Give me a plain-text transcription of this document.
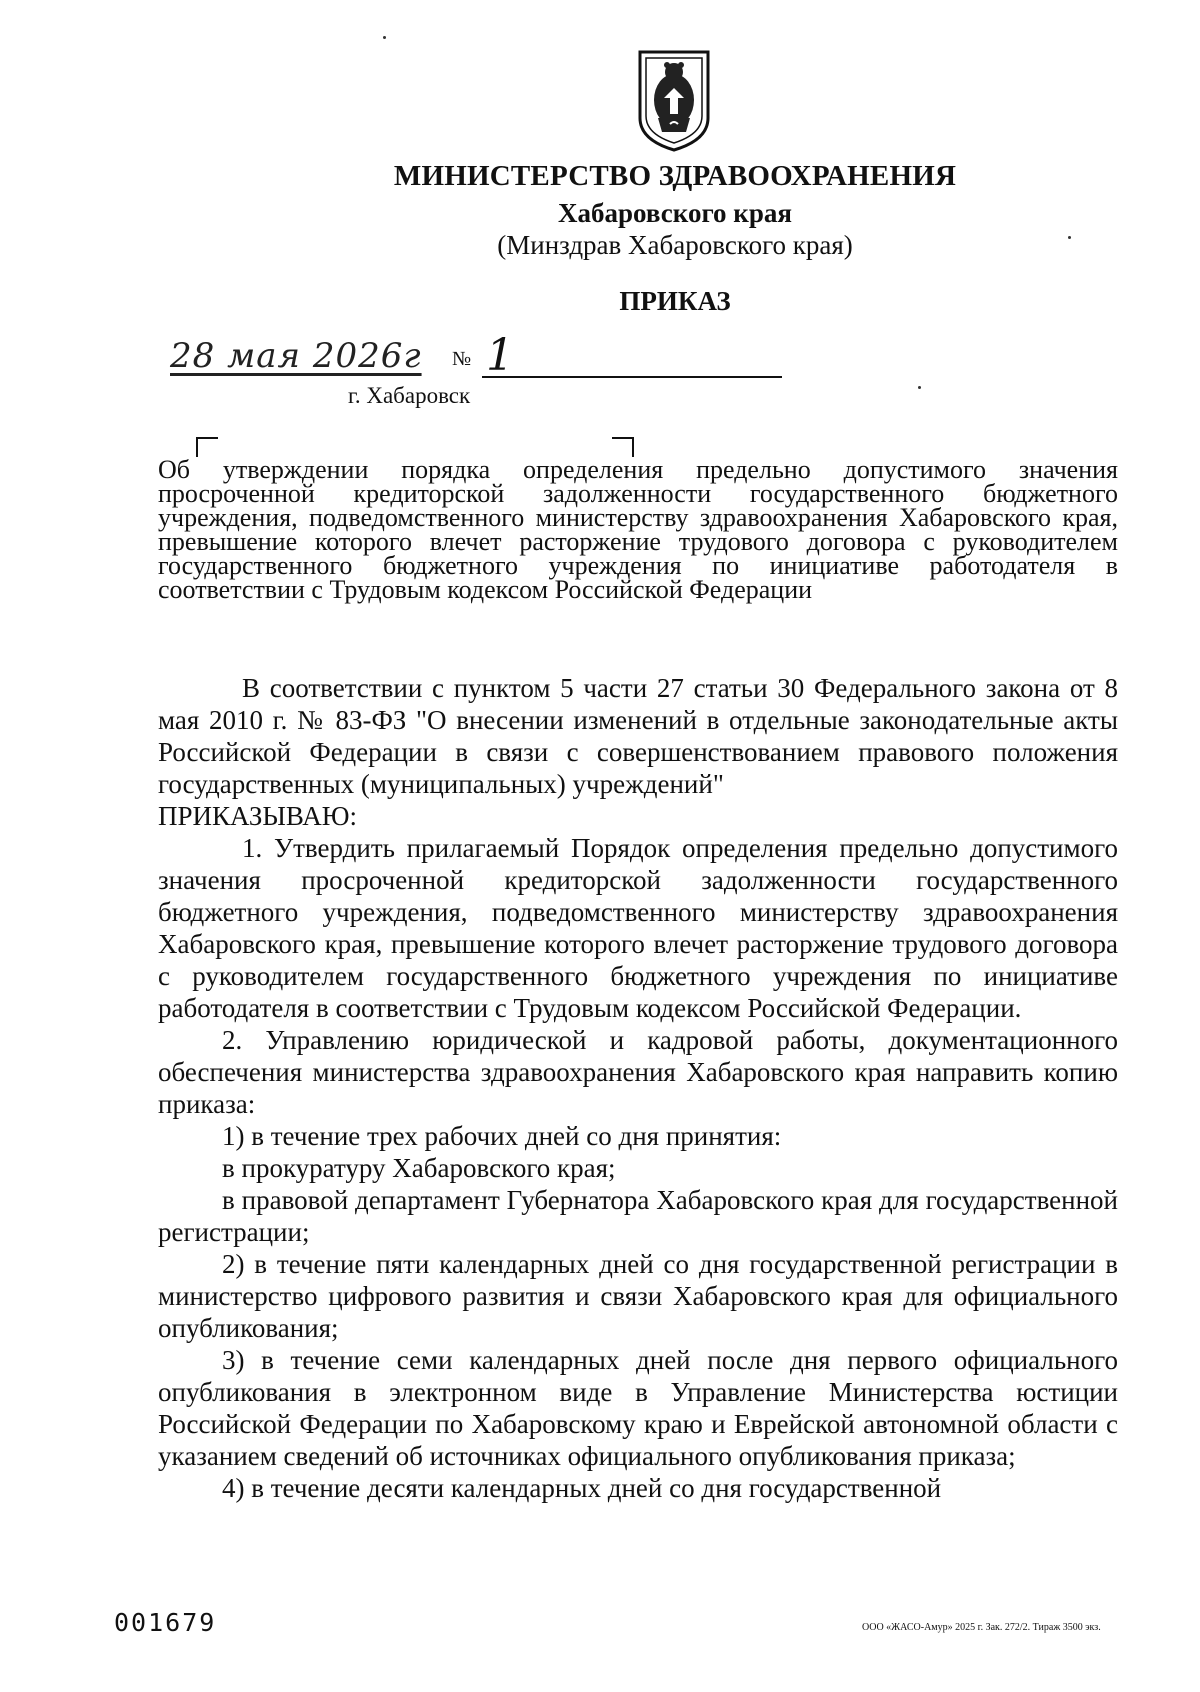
МИНИСТЕРСТВО ЗДРАВООХРАНЕНИЯ
Хабаровского края
(Минздрав Хабаровского края)
ПРИКАЗ
28 мая 2026г № 1
г. Хабаровск
Об утверждении порядка определения предельно допустимого значения просроченной кредиторской задолженности государственного бюджетного учреждения, подведомственного министерству здравоохранения Хабаровского края, превышение которого влечет расторжение трудового договора с руководителем государственного бюджетного учреждения по инициативе работодателя в соответствии с Трудовым кодексом Российской Федерации

В соответствии с пунктом 5 части 27 статьи 30 Федерального закона от 8 мая 2010 г. № 83-ФЗ "О внесении изменений в отдельные законодательные акты Российской Федерации в связи с совершенствованием правового положения государственных (муниципальных) учреждений"

ПРИКАЗЫВАЮ:

1. Утвердить прилагаемый Порядок определения предельно допустимого значения просроченной кредиторской задолженности государственного бюджетного учреждения, подведомственного министерству здравоохранения Хабаровского края, превышение которого влечет расторжение трудового договора с руководителем государственного бюджетного учреждения по инициативе работодателя в соответствии с Трудовым кодексом Российской Федерации.

2. Управлению юридической и кадровой работы, документационного обеспечения министерства здравоохранения Хабаровского края направить копию приказа:

1) в течение трех рабочих дней со дня принятия:

в прокуратуру Хабаровского края;

в правовой департамент Губернатора Хабаровского края для государственной регистрации;

2) в течение пяти календарных дней со дня государственной регистрации в министерство цифрового развития и связи Хабаровского края для официального опубликования;

3) в течение семи календарных дней после дня первого официального опубликования в электронном виде в Управление Министерства юстиции Российской Федерации по Хабаровскому краю и Еврейской автономной области с указанием сведений об источниках официального опубликования приказа;

4) в течение десяти календарных дней со дня государственной

001679	ООО «ЖАСО-Амур» 2025 г. Зак. 272/2. Тираж 3500 экз.
